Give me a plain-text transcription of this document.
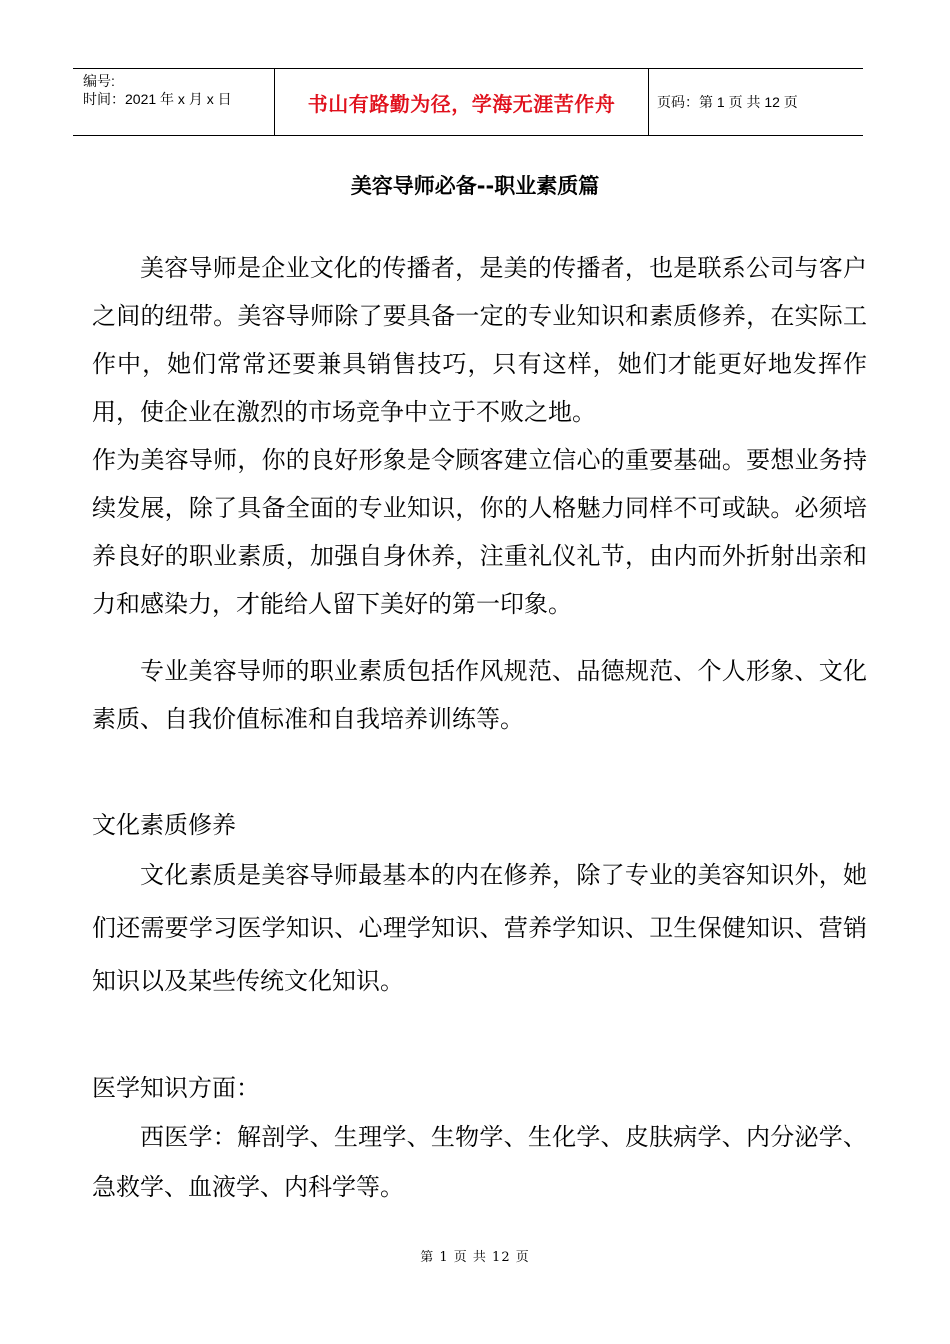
编号:
时间：2021 年 x 月 x 日	书山有路勤为径，学海无涯苦作舟	页码：第 1 页 共 12 页
美容导师必备--职业素质篇

美容导师是企业文化的传播者，是美的传播者，也是联系公司与客户之间的纽带。美容导师除了要具备一定的专业知识和素质修养，在实际工作中，她们常常还要兼具销售技巧，只有这样，她们才能更好地发挥作用，使企业在激烈的市场竞争中立于不败之地。

作为美容导师，你的良好形象是令顾客建立信心的重要基础。要想业务持续发展，除了具备全面的专业知识，你的人格魅力同样不可或缺。必须培养良好的职业素质，加强自身休养，注重礼仪礼节，由内而外折射出亲和力和感染力，才能给人留下美好的第一印象。

专业美容导师的职业素质包括作风规范、品德规范、个人形象、文化素质、自我价值标准和自我培养训练等。

文化素质修养

文化素质是美容导师最基本的内在修养，除了专业的美容知识外，她们还需要学习医学知识、心理学知识、营养学知识、卫生保健知识、营销知识以及某些传统文化知识。

医学知识方面：

西医学：解剖学、生理学、生物学、生化学、皮肤病学、内分泌学、急救学、血液学、内科学等。

第 1 页 共 12 页
